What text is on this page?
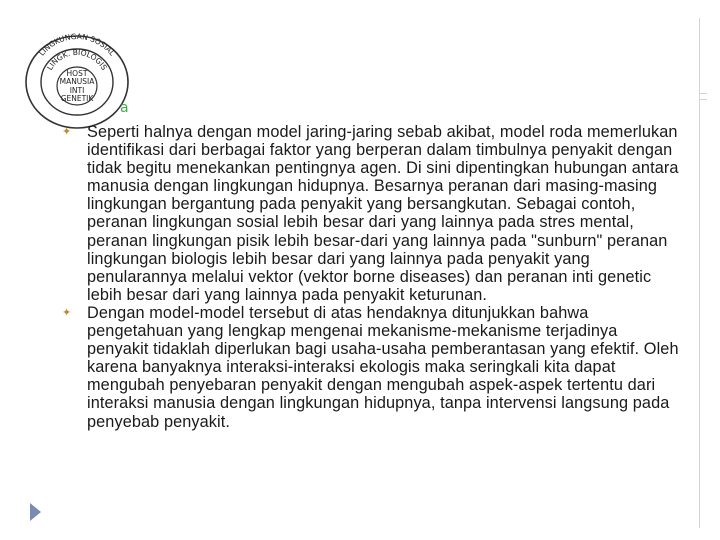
LINGKUNGAN SOSIAL
LINGK. BIOLOGIS
HOST
MANUSIA
INTI
GENETIK
a
✦ Seperti halnya dengan model jaring-jaring sebab akibat, model roda memerlukan identifikasi dari berbagai faktor yang berperan dalam timbulnya penyakit dengan tidak begitu menekankan pentingnya agen. Di sini dipentingkan hubungan antara manusia dengan lingkungan hidupnya. Besarnya peranan dari masing-masing lingkungan bergantung pada penyakit yang bersangkutan. Sebagai contoh, peranan lingkungan sosial lebih besar dari yang lainnya pada stres mental, peranan lingkungan pisik lebih besar-dari yang lainnya pada "sunburn" peranan lingkungan biologis lebih besar dari yang lainnya pada penyakit yang penularannya melalui vektor (vektor borne diseases) dan peranan inti genetic lebih besar dari yang lainnya pada penyakit keturunan.
✦ Dengan model-model tersebut di atas hendaknya ditunjukkan bahwa pengetahuan yang lengkap mengenai mekanisme-mekanisme terjadinya penyakit tidaklah diperlukan bagi usaha-usaha pemberantasan yang efektif. Oleh karena banyaknya interaksi-interaksi ekologis maka seringkali kita dapat mengubah penyebaran penyakit dengan mengubah aspek-aspek tertentu dari interaksi manusia dengan lingkungan hidupnya, tanpa intervensi langsung pada penyebab penyakit.
